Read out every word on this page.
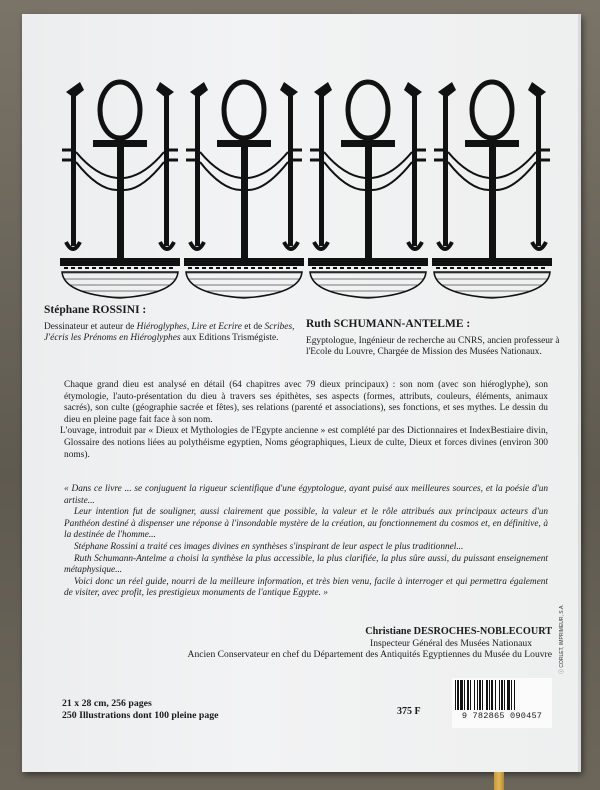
Stéphane ROSSINI :

Dessinateur et auteur de Hiéroglyphes, Lire et Ecrire et de Scribes, J'écris les Prénoms en Hiéroglyphes aux Editions Trismégiste.

Ruth SCHUMANN-ANTELME :

Egyptologue, Ingénieur de recherche au CNRS, ancien professeur à l'Ecole du Louvre, Chargée de Mission des Musées Nationaux.

Chaque grand dieu est analysé en détail (64 chapitres avec 79 dieux principaux) : son nom (avec son hiéroglyphe), son étymologie, l'auto-présentation du dieu à travers ses épithètes, ses aspects (formes, attributs, couleurs, éléments, animaux sacrés), son culte (géographie sacrée et fêtes), ses relations (parenté et associations), ses fonctions, et ses mythes. Le dessin du dieu en pleine page fait face à son nom.

L'ouvage, introduit par « Dieux et Mythologies de l'Egypte ancienne » est complété par des Dictionnaires et IndexBestiaire divin, Glossaire des notions liées au polythéisme egyptien, Noms géographiques, Lieux de culte, Dieux et forces divines (environ 300 noms).

« Dans ce livre ... se conjuguent la rigueur scientifique d'une égyptologue, ayant puisé aux meilleures sources, et la poésie d'un artiste...

Leur intention fut de souligner, aussi clairement que possible, la valeur et le rôle attribués aux principaux acteurs d'un Panthéon destiné à dispenser une réponse à l'insondable mystère de la création, au fonctionnement du cosmos et, en définitive, à la destinée de l'homme...

Stéphane Rossini a traité ces images divines en synthèses s'inspirant de leur aspect le plus traditionnel...

Ruth Schumann-Antelme a choisi la synthèse la plus accessible, la plus clarifiée, la plus sûre aussi, du puissant enseignement métaphysique...

Voici donc un réel guide, nourri de la meilleure information, et très bien venu, facile à interroger et qui permettra également de visiter, avec profit, les prestigieux monuments de l'antique Egypte. »

Christiane DESROCHES-NOBLECOURT
Inspecteur Général des Musées Nationaux
Ancien Conservateur en chef du Département des Antiquités Egyptiennes du Musée du Louvre
21 x 28 cm, 256 pages
250 Illustrations dont 100 pleine page	375 F	9 782865 090457
ⓘ CORLET, IMPRIMEUR, S.A.
